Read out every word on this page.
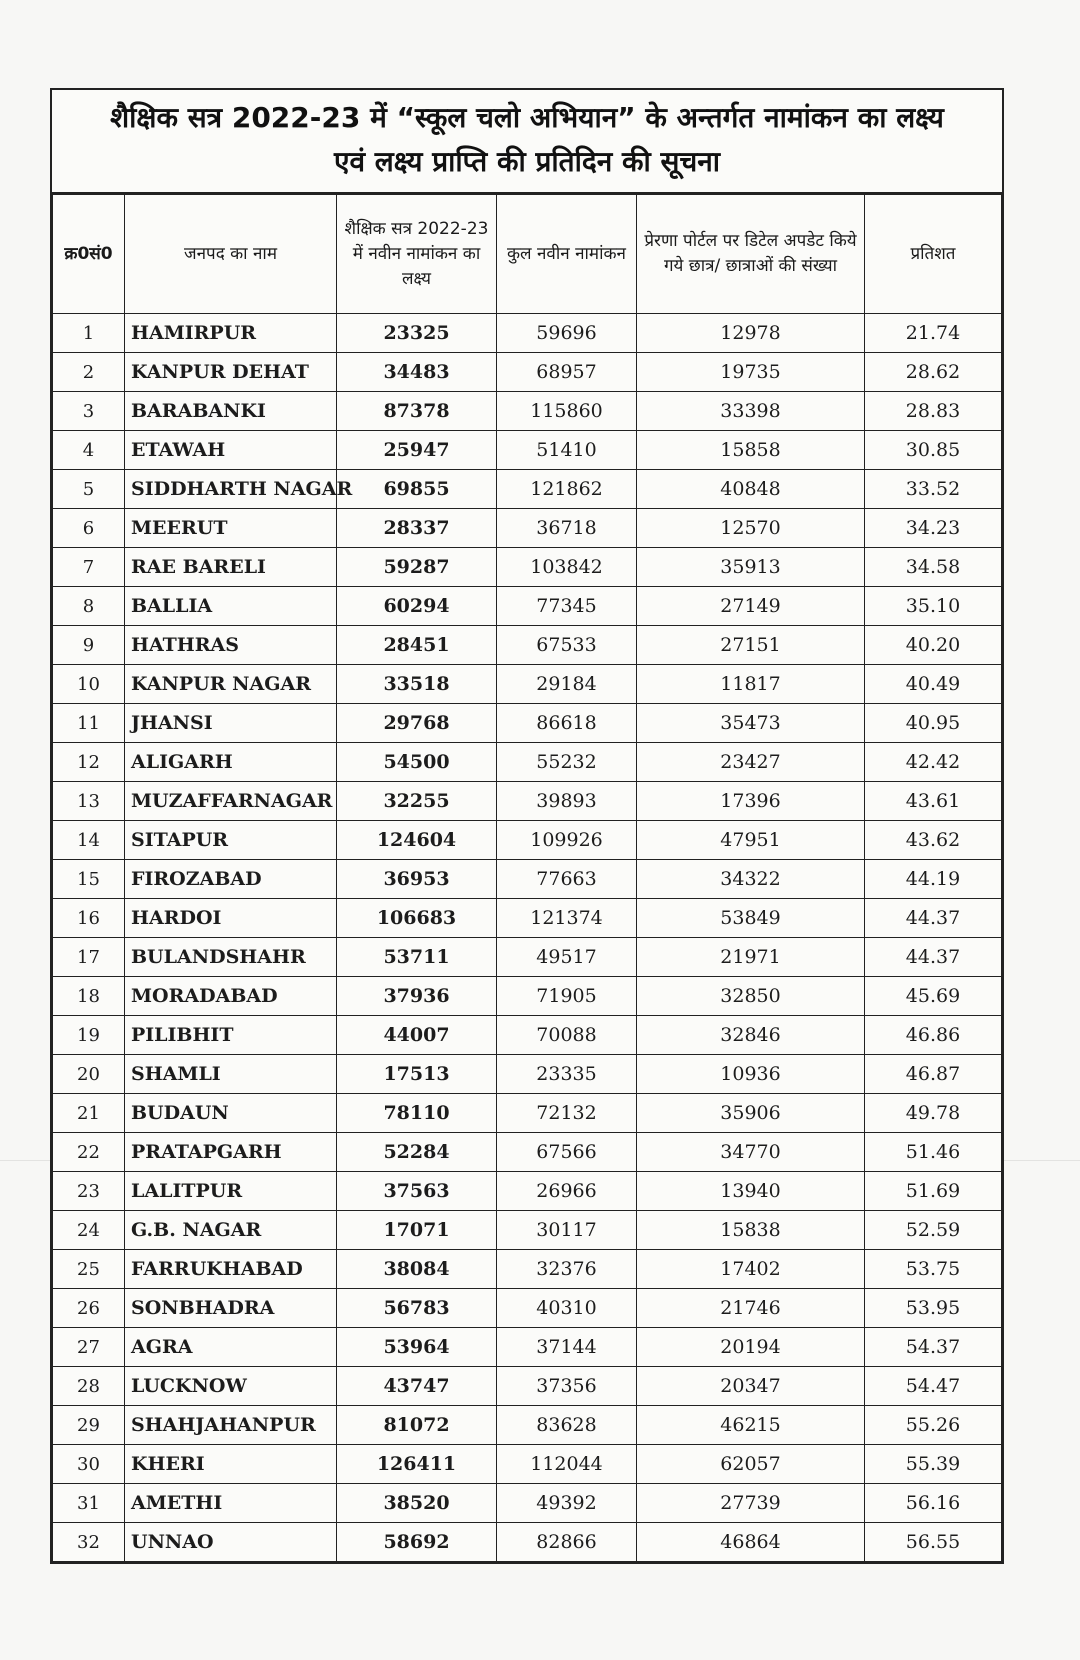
शैक्षिक सत्र 2022-23 में “स्कूल चलो अभियान” के अन्तर्गत नामांकन का लक्ष्य
एवं लक्ष्य प्राप्ति की प्रतिदिन की सूचना
क्र0सं0	जनपद का नाम	शैक्षिक सत्र 2022-23 में नवीन नामांकन का लक्ष्य	कुल नवीन नामांकन	प्रेरणा पोर्टल पर डिटेल अपडेट किये गये छात्र/ छात्राओं की संख्या	प्रतिशत
1	HAMIRPUR	23325	59696	12978	21.74
2	KANPUR DEHAT	34483	68957	19735	28.62
3	BARABANKI	87378	115860	33398	28.83
4	ETAWAH	25947	51410	15858	30.85
5	SIDDHARTH NAGAR	69855	121862	40848	33.52
6	MEERUT	28337	36718	12570	34.23
7	RAE BARELI	59287	103842	35913	34.58
8	BALLIA	60294	77345	27149	35.10
9	HATHRAS	28451	67533	27151	40.20
10	KANPUR NAGAR	33518	29184	11817	40.49
11	JHANSI	29768	86618	35473	40.95
12	ALIGARH	54500	55232	23427	42.42
13	MUZAFFARNAGAR	32255	39893	17396	43.61
14	SITAPUR	124604	109926	47951	43.62
15	FIROZABAD	36953	77663	34322	44.19
16	HARDOI	106683	121374	53849	44.37
17	BULANDSHAHR	53711	49517	21971	44.37
18	MORADABAD	37936	71905	32850	45.69
19	PILIBHIT	44007	70088	32846	46.86
20	SHAMLI	17513	23335	10936	46.87
21	BUDAUN	78110	72132	35906	49.78
22	PRATAPGARH	52284	67566	34770	51.46
23	LALITPUR	37563	26966	13940	51.69
24	G.B. NAGAR	17071	30117	15838	52.59
25	FARRUKHABAD	38084	32376	17402	53.75
26	SONBHADRA	56783	40310	21746	53.95
27	AGRA	53964	37144	20194	54.37
28	LUCKNOW	43747	37356	20347	54.47
29	SHAHJAHANPUR	81072	83628	46215	55.26
30	KHERI	126411	112044	62057	55.39
31	AMETHI	38520	49392	27739	56.16
32	UNNAO	58692	82866	46864	56.55
